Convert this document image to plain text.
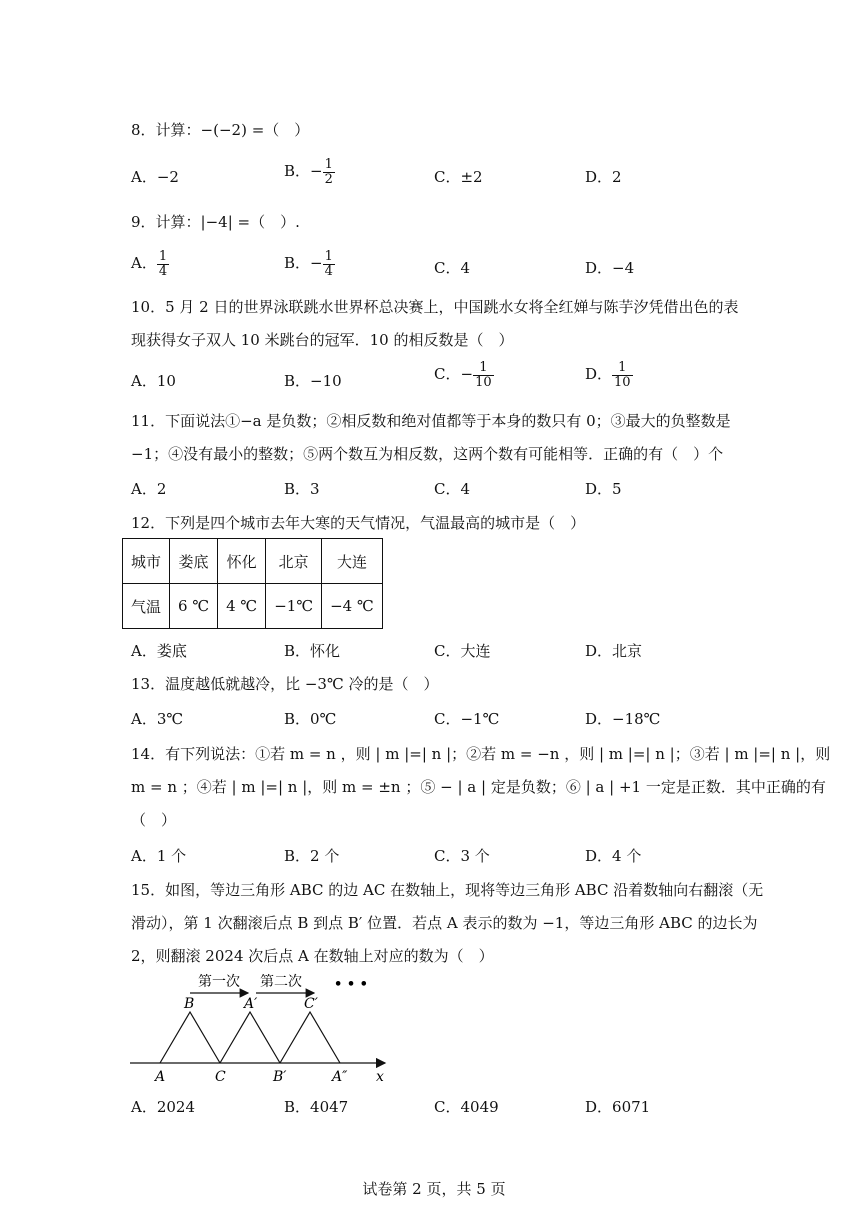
8．计算：−(−2) =（　）
A．−2	B．− $\frac{1}{2}$	C．±2	D．2
9．计算：|−4| =（　）.
A． $\frac{1}{4}$	B．− $\frac{1}{4}$	C．4	D．−4
10．5 月 2 日的世界泳联跳水世界杯总决赛上，中国跳水女将全红婵与陈芋汐凭借出色的表
现获得女子双人 10 米跳台的冠军．10 的相反数是（　）
A．10	B．−10	C．− $\frac{1}{10}$	D． $\frac{1}{10}$
11．下面说法①−a 是负数；②相反数和绝对值都等于本身的数只有 0；③最大的负整数是
−1；④没有最小的整数；⑤两个数互为相反数，这两个数有可能相等．正确的有（　）个
A．2	B．3	C．4	D．5
12．下列是四个城市去年大寒的天气情况，气温最高的城市是（　）
城市	娄底	怀化	北京	大连
气温	6 ℃	4 ℃	−1℃	−4 ℃
A．娄底	B．怀化	C．大连	D．北京
13．温度越低就越冷，比 −3℃ 冷的是（　）
A．3℃	B．0℃	C．−1℃	D．−18℃
14．有下列说法：①若 m = n ，则 | m |=| n |；②若 m = −n ，则 | m |=| n |；③若 | m |=| n |，则
m = n ；④若 | m |=| n |，则 m = ±n ；⑤ − | a | 定是负数；⑥ | a | +1 一定是正数．其中正确的有
（　）
A．1 个	B．2 个	C．3 个	D．4 个
15．如图，等边三角形 ABC 的边 AC 在数轴上，现将等边三角形 ABC 沿着数轴向右翻滚（无
滑动），第 1 次翻滚后点 B 到点 B′ 位置．若点 A 表示的数为 −1，等边三角形 ABC 的边长为
2，则翻滚 2024 次后点 A 在数轴上对应的数为（　）
第一次 第二次 • • •
B	A′	C′
A	C	B′	A″ x
A．2024	B．4047	C．4049	D．6071
试卷第 2 页，共 5 页
